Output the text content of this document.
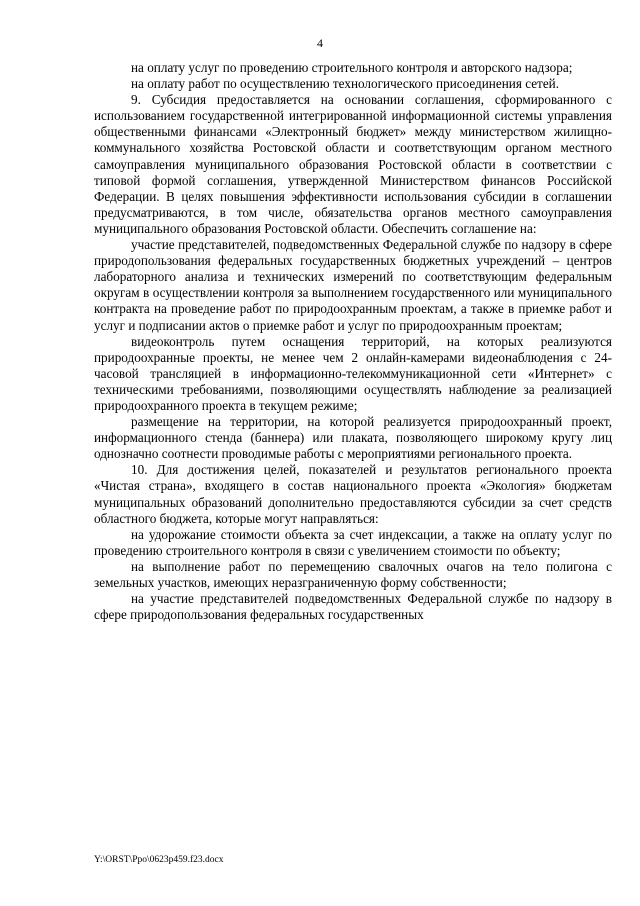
4

на оплату услуг по проведению строительного контроля и авторского надзора;

на оплату работ по осуществлению технологического присоединения сетей.

9. Субсидия предоставляется на основании соглашения, сформированного с использованием государственной интегрированной информационной системы управления общественными финансами «Электронный бюджет» между министерством жилищно-коммунального хозяйства Ростовской области и соответствующим органом местного самоуправления муниципального образования Ростовской области в соответствии с типовой формой соглашения, утвержденной Министерством финансов Российской Федерации. В целях повышения эффективности использования субсидии в соглашении предусматриваются, в том числе, обязательства органов местного самоуправления муниципального образования Ростовской области. Обеспечить соглашение на:

участие представителей, подведомственных Федеральной службе по надзору в сфере природопользования федеральных государственных бюджетных учреждений – центров лабораторного анализа и технических измерений по соответствующим федеральным округам в осуществлении контроля за выполнением государственного или муниципального контракта на проведение работ по природоохранным проектам, а также в приемке работ и услуг и подписании актов о приемке работ и услуг по природоохранным проектам;

видеоконтроль путем оснащения территорий, на которых реализуются природоохранные проекты, не менее чем 2 онлайн-камерами видеонаблюдения с 24-часовой трансляцией в информационно-телекоммуникационной сети «Интернет» с техническими требованиями, позволяющими осуществлять наблюдение за реализацией природоохранного проекта в текущем режиме;

размещение на территории, на которой реализуется природоохранный проект, информационного стенда (баннера) или плаката, позволяющего широкому кругу лиц однозначно соотнести проводимые работы с мероприятиями регионального проекта.

10. Для достижения целей, показателей и результатов регионального проекта «Чистая страна», входящего в состав национального проекта «Экология» бюджетам муниципальных образований дополнительно предоставляются субсидии за счет средств областного бюджета, которые могут направляться:

на удорожание стоимости объекта за счет индексации, а также на оплату услуг по проведению строительного контроля в связи с увеличением стоимости по объекту;

на выполнение работ по перемещению свалочных очагов на тело полигона с земельных участков, имеющих неразграниченную форму собственности;

на участие представителей подведомственных Федеральной службе по надзору в сфере природопользования федеральных государственных

Y:\ORST\Ppo\0623p459.f23.docx
